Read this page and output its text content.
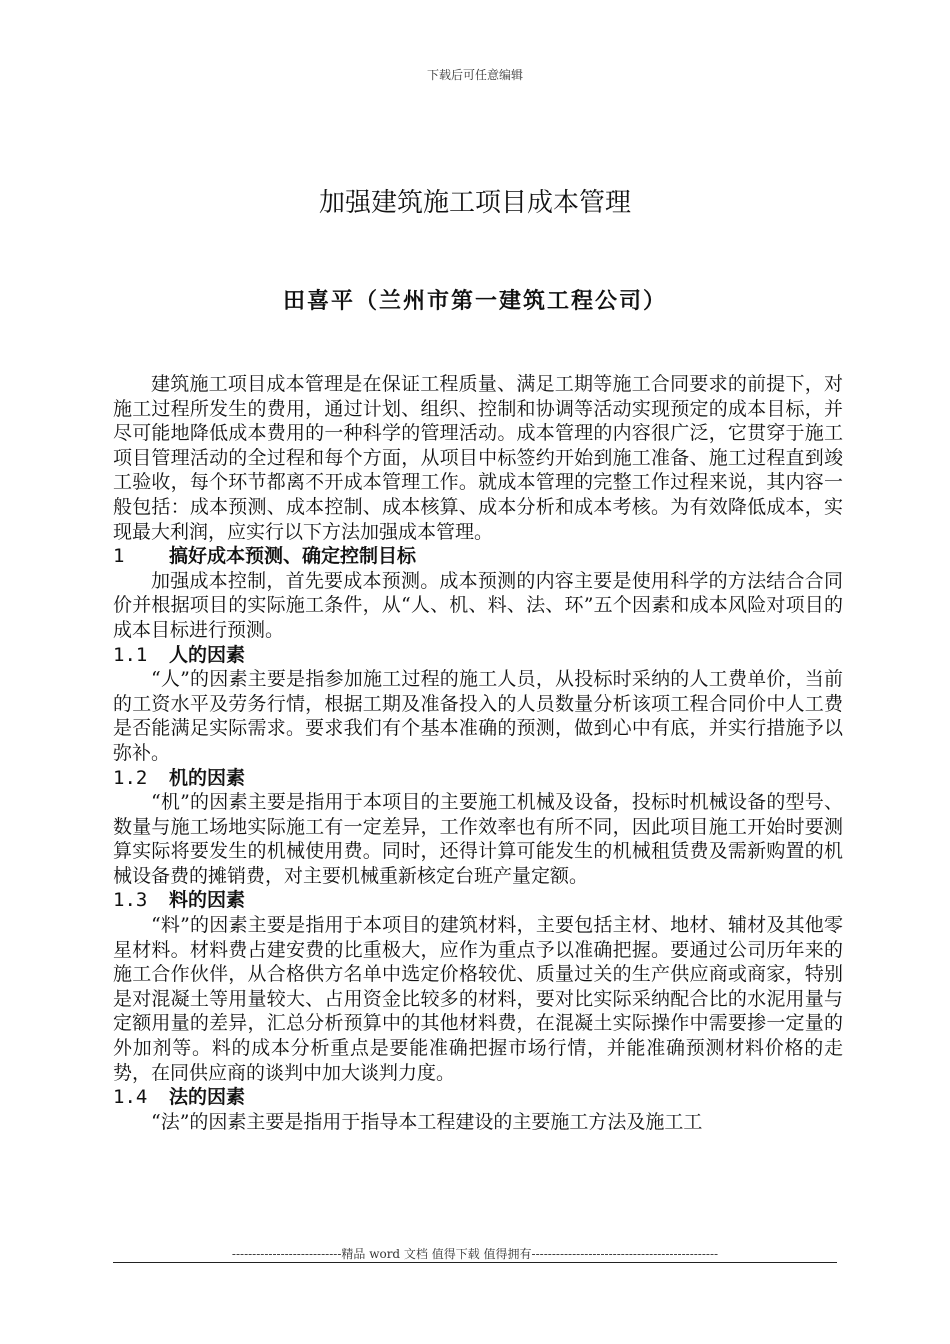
下载后可任意编辑
加强建筑施工项目成本管理
田喜平（兰州市第一建筑工程公司）

建筑施工项目成本管理是在保证工程质量、满足工期等施工合同要求的前提下，对施工过程所发生的费用，通过计划、组织、控制和协调等活动实现预定的成本目标，并尽可能地降低成本费用的一种科学的管理活动。成本管理的内容很广泛，它贯穿于施工项目管理活动的全过程和每个方面，从项目中标签约开始到施工准备、施工过程直到竣工验收，每个环节都离不开成本管理工作。就成本管理的完整工作过程来说，其内容一般包括：成本预测、成本控制、成本核算、成本分析和成本考核。为有效降低成本，实现最大利润，应实行以下方法加强成本管理。

1 搞好成本预测、确定控制目标

加强成本控制，首先要成本预测。成本预测的内容主要是使用科学的方法结合合同价并根据项目的实际施工条件，从“人、机、料、法、环”五个因素和成本风险对项目的成本目标进行预测。

1.1 人的因素

“人”的因素主要是指参加施工过程的施工人员，从投标时采纳的人工费单价，当前的工资水平及劳务行情，根据工期及准备投入的人员数量分析该项工程合同价中人工费是否能满足实际需求。要求我们有个基本准确的预测，做到心中有底，并实行措施予以弥补。

1.2 机的因素

“机”的因素主要是指用于本项目的主要施工机械及设备，投标时机械设备的型号、数量与施工场地实际施工有一定差异，工作效率也有所不同，因此项目施工开始时要测算实际将要发生的机械使用费。同时，还得计算可能发生的机械租赁费及需新购置的机械设备费的摊销费，对主要机械重新核定台班产量定额。

1.3 料的因素

“料”的因素主要是指用于本项目的建筑材料，主要包括主材、地材、辅材及其他零星材料。材料费占建安费的比重极大，应作为重点予以准确把握。要通过公司历年来的施工合作伙伴，从合格供方名单中选定价格较优、质量过关的生产供应商或商家，特别是对混凝土等用量较大、占用资金比较多的材料，要对比实际采纳配合比的水泥用量与定额用量的差异，汇总分析预算中的其他材料费，在混凝土实际操作中需要掺一定量的外加剂等。料的成本分析重点是要能准确把握市场行情，并能准确预测材料价格的走势，在同供应商的谈判中加大谈判力度。

1.4 法的因素

“法”的因素主要是指用于指导本工程建设的主要施工方法及施工工

---------------------------精品 word 文档 值得下载 值得拥有----------------------------------------------
